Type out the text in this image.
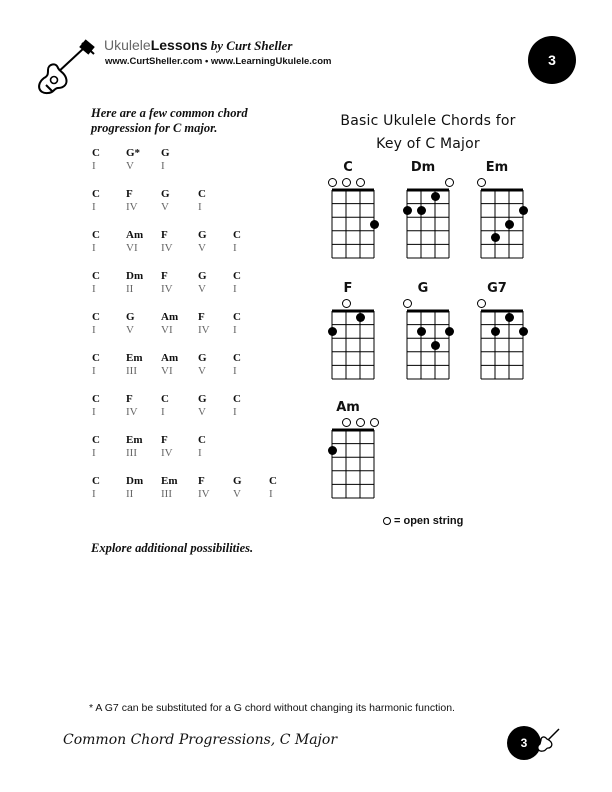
UkuleleLessons by Curt Sheller
www.CurtSheller.com • www.LearningUkulele.com	3
Here are a few common chord progression for C major.
C G* G
I	V I
C F	G	C
I	IV V	I
C Am F	G C
I	VI IV V I
C Dm F	G C
I	II	IV V I
C G Am F	C
I	V VI IV I
C Em Am G C
I	III VI V I
C F	C	G C
I	IV I	V I
C Em F	C
I	III IV I
C Dm Em F	G C
I	II	III IV V	I
Explore additional possibilities.
Basic Ukulele Chords for
Key of C Major
C	Dm	Em
F	G	G7
Am
= open string
* A G7 can be substituted for a G chord without changing its harmonic function.
Common Chord Progressions, C Major	3
